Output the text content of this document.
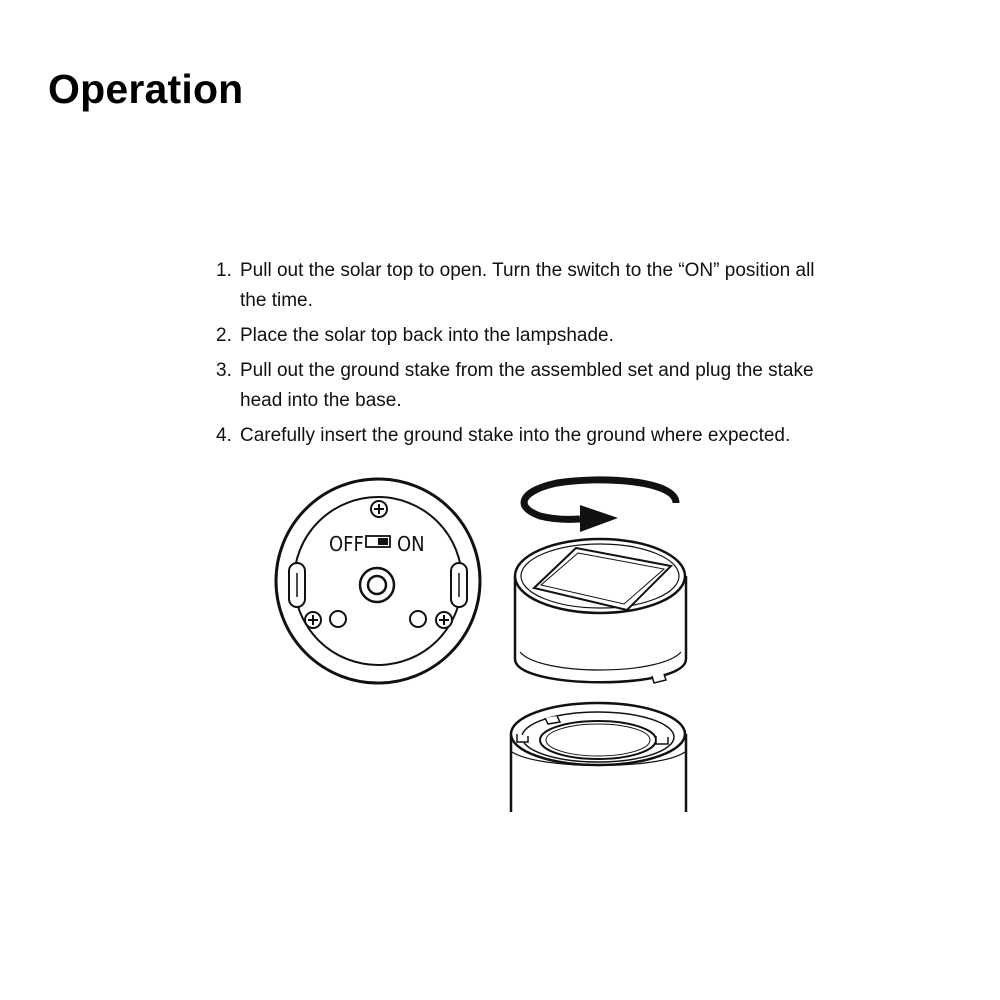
Operation
1. Pull out the solar top to open. Turn the switch to the “ON” position all the time.
2. Place the solar top back into the lampshade.
3. Pull out the ground stake from the assembled set and plug the stake head into the base.
4. Carefully insert the ground stake into the ground where expected.
OFF ON
